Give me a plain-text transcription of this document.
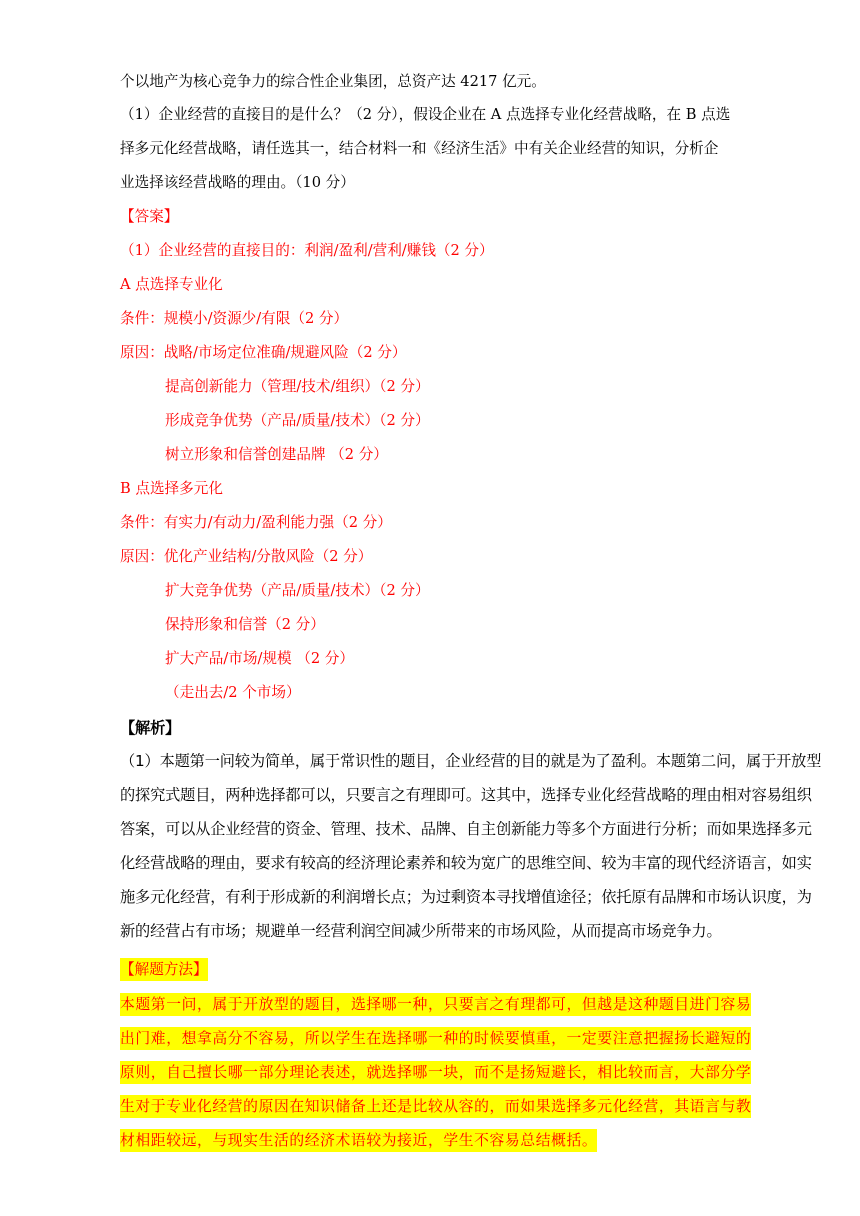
个以地产为核心竞争力的综合性企业集团，总资产达 4217 亿元。
（1）企业经营的直接目的是什么？（2 分），假设企业在 A 点选择专业化经营战略，在 B 点选
择多元化经营战略，请任选其一，结合材料一和《经济生活》中有关企业经营的知识，分析企
业选择该经营战略的理由。（10 分）
【答案】
（1）企业经营的直接目的：利润/盈利/营利/赚钱（2 分）
A 点选择专业化
条件：规模小/资源少/有限（2 分）
原因：战略/市场定位准确/规避风险（2 分）
提高创新能力（管理/技术/组织）（2 分）
形成竞争优势（产品/质量/技术）（2 分）
树立形象和信誉创建品牌 （2 分）
B 点选择多元化
条件：有实力/有动力/盈利能力强（2 分）
原因：优化产业结构/分散风险（2 分）
扩大竞争优势（产品/质量/技术）（2 分）
保持形象和信誉（2 分）
扩大产品/市场/规模 （2 分）
（走出去/2 个市场）
【解析】
（1）本题第一问较为简单，属于常识性的题目，企业经营的目的就是为了盈利。本题第二问，属于开放型
的探究式题目，两种选择都可以，只要言之有理即可。这其中，选择专业化经营战略的理由相对容易组织
答案，可以从企业经营的资金、管理、技术、品牌、自主创新能力等多个方面进行分析；而如果选择多元
化经营战略的理由，要求有较高的经济理论素养和较为宽广的思维空间、较为丰富的现代经济语言，如实
施多元化经营，有利于形成新的利润增长点；为过剩资本寻找增值途径；依托原有品牌和市场认识度，为
新的经营占有市场；规避单一经营利润空间减少所带来的市场风险，从而提高市场竞争力。
【解题方法】
本题第一问，属于开放型的题目，选择哪一种，只要言之有理都可，但越是这种题目进门容易
出门难，想拿高分不容易，所以学生在选择哪一种的时候要慎重，一定要注意把握扬长避短的
原则，自己擅长哪一部分理论表述，就选择哪一块，而不是扬短避长，相比较而言，大部分学
生对于专业化经营的原因在知识储备上还是比较从容的，而如果选择多元化经营，其语言与教
材相距较远，与现实生活的经济术语较为接近，学生不容易总结概括。
